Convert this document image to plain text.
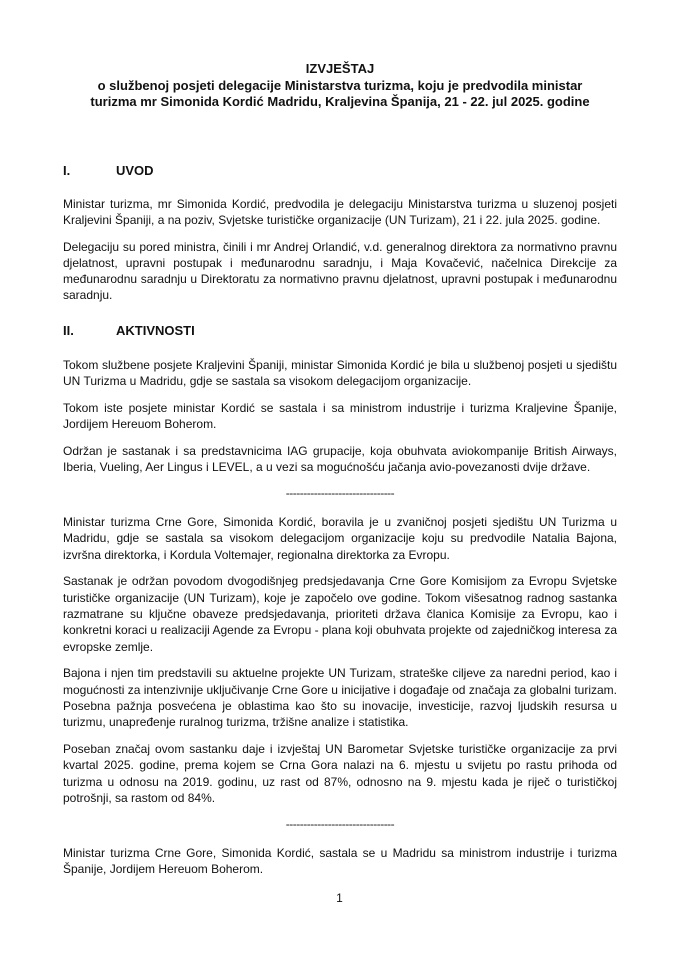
IZVJEŠTAJ
o službenoj posjeti delegacije Ministarstva turizma, koju je predvodila ministar
turizma mr Simonida Kordić Madridu, Kraljevina Španija, 21 - 22. jul 2025. godine
I.	UVOD

Ministar turizma, mr Simonida Kordić, predvodila je delegaciju Ministarstva turizma u sluzenoj posjeti Kraljevini Španiji, a na poziv, Svjetske turističke organizacije (UN Turizam), 21 i 22. jula 2025. godine.

Delegaciju su pored ministra, činili i mr Andrej Orlandić, v.d. generalnog direktora za normativno pravnu djelatnost, upravni postupak i međunarodnu saradnju, i Maja Kovačević, načelnica Direkcije za međunarodnu saradnju u Direktoratu za normativno pravnu djelatnost, upravni postupak i međunarodnu saradnju.

II.	AKTIVNOSTI

Tokom službene posjete Kraljevini Španiji, ministar Simonida Kordić je bila u službenoj posjeti u sjedištu UN Turizma u Madridu, gdje se sastala sa visokom delegacijom organizacije.

Tokom iste posjete ministar Kordić se sastala i sa ministrom industrije i turizma Kraljevine Španije, Jordijem Hereuom Boherom.

Održan je sastanak i sa predstavnicima IAG grupacije, koja obuhvata aviokompanije British Airways, Iberia, Vueling, Aer Lingus i LEVEL, a u vezi sa mogućnošću jačanja avio-povezanosti dvije države.

-------------------------------

Ministar turizma Crne Gore, Simonida Kordić, boravila je u zvaničnoj posjeti sjedištu UN Turizma u Madridu, gdje se sastala sa visokom delegacijom organizacije koju su predvodile Natalia Bajona, izvršna direktorka, i Kordula Voltemajer, regionalna direktorka za Evropu.

Sastanak je održan povodom dvogodišnjeg predsjedavanja Crne Gore Komisijom za Evropu Svjetske turističke organizacije (UN Turizam), koje je započelo ove godine. Tokom višesatnog radnog sastanka razmatrane su ključne obaveze predsjedavanja, prioriteti država članica Komisije za Evropu, kao i konkretni koraci u realizaciji Agende za Evropu - plana koji obuhvata projekte od zajedničkog interesa za evropske zemlje.

Bajona i njen tim predstavili su aktuelne projekte UN Turizam, strateške ciljeve za naredni period, kao i mogućnosti za intenzivnije uključivanje Crne Gore u inicijative i događaje od značaja za globalni turizam. Posebna pažnja posvećena je oblastima kao što su inovacije, investicije, razvoj ljudskih resursa u turizmu, unapređenje ruralnog turizma, tržišne analize i statistika.

Poseban značaj ovom sastanku daje i izvještaj UN Barometar Svjetske turističke organizacije za prvi kvartal 2025. godine, prema kojem se Crna Gora nalazi na 6. mjestu u svijetu po rastu prihoda od turizma u odnosu na 2019. godinu, uz rast od 87%, odnosno na 9. mjestu kada je riječ o turističkoj potrošnji, sa rastom od 84%.

-------------------------------

Ministar turizma Crne Gore, Simonida Kordić, sastala se u Madridu sa ministrom industrije i turizma Španije, Jordijem Hereuom Boherom.

1
